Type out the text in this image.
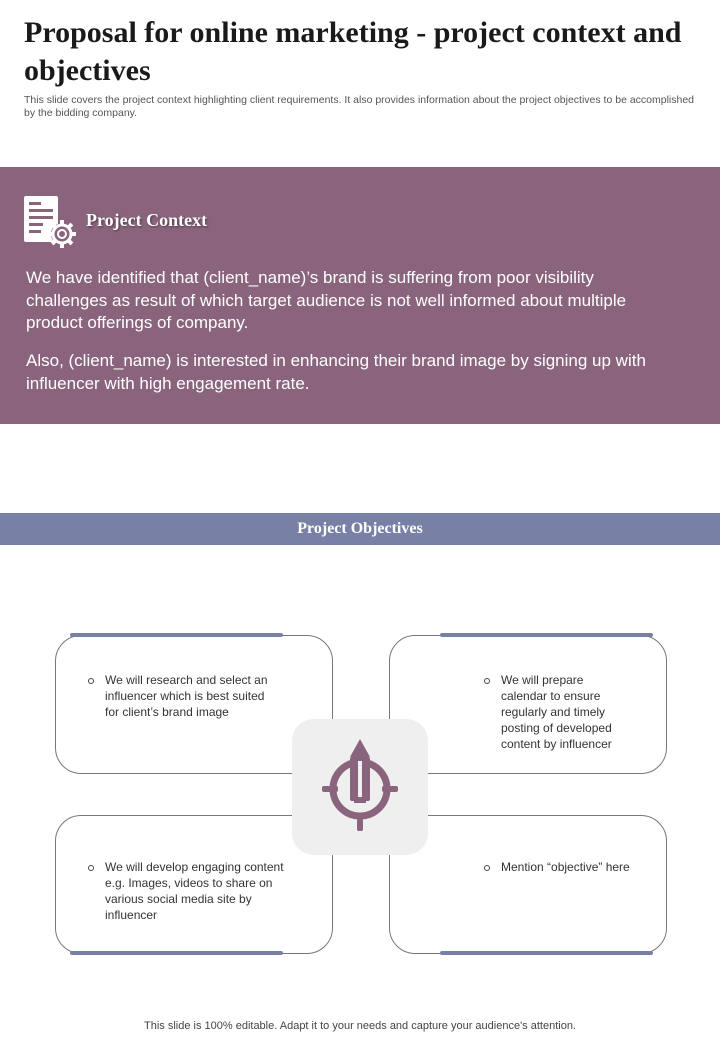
Proposal for online marketing - project context and objectives

This slide covers the project context highlighting client requirements. It also provides information about the project objectives to be accomplished by the bidding company.

Project Context

We have identified that (client_name)’s brand is suffering from poor visibility challenges as result of which target audience is not well informed about multiple product offerings of company.

Also, (client_name) is interested in enhancing their brand image by signing up with influencer with high engagement rate.

Project Objectives

We will research and select an influencer which is best suited for client’s brand image

We will prepare calendar to ensure regularly and timely posting of developed content by influencer

We will develop engaging content e.g. Images, videos to share on various social media site by influencer

Mention “objective” here

This slide is 100% editable. Adapt it to your needs and capture your audience's attention.
